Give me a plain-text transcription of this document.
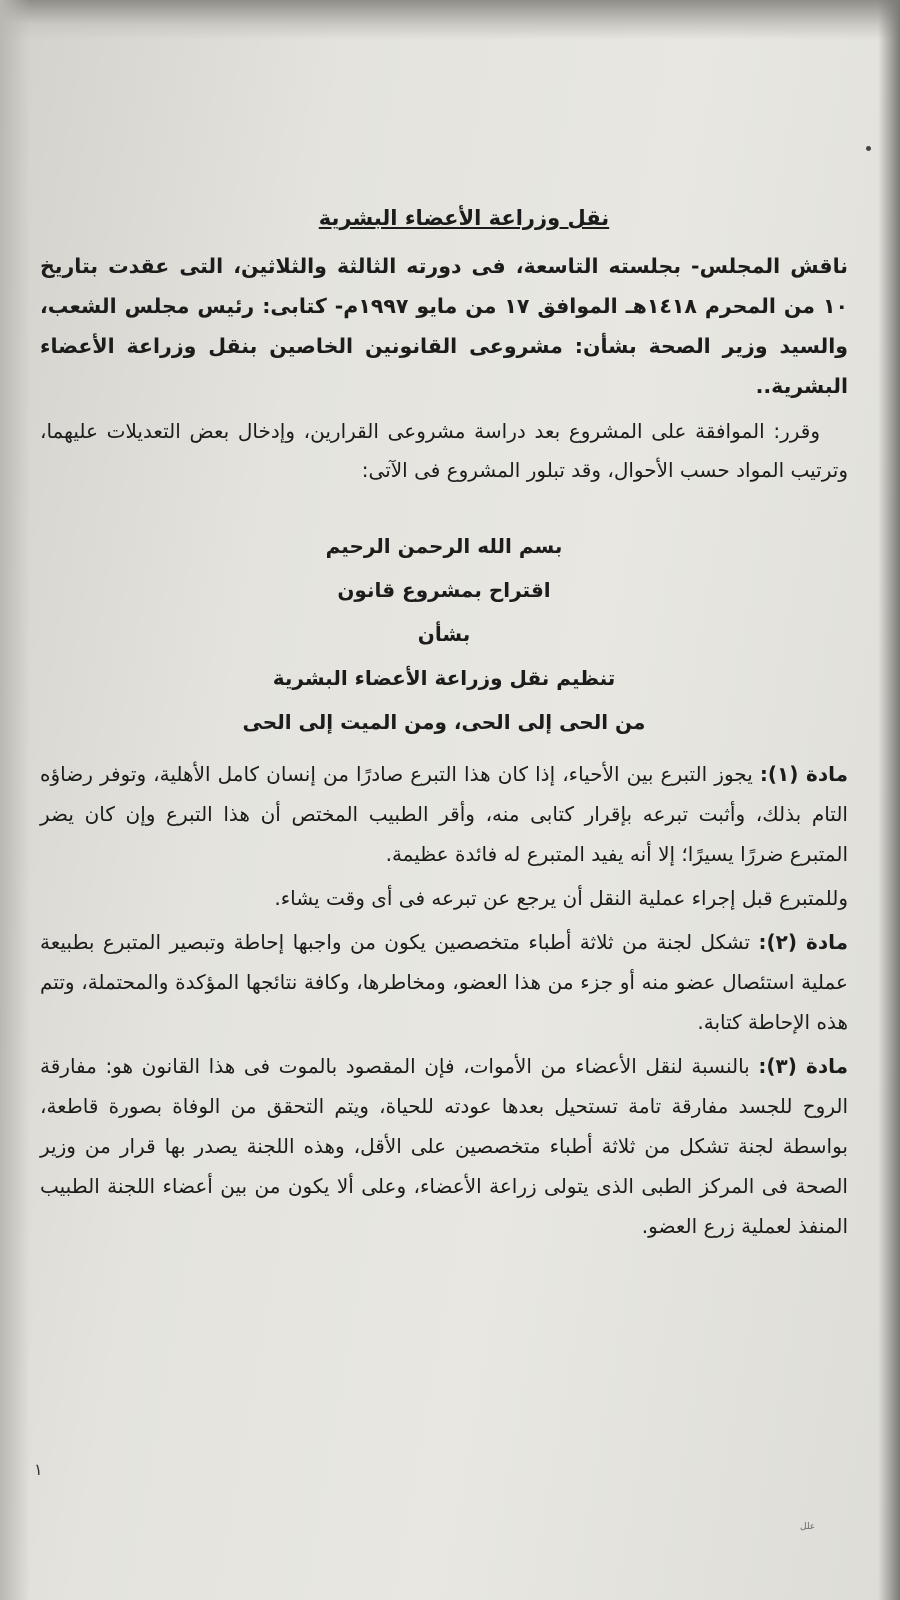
نقل وزراعة الأعضاء البشرية

ناقش المجلس- بجلسته التاسعة، فى دورته الثالثة والثلاثين، التى عقدت بتاريخ ١٠ من المحرم ١٤١٨هـ الموافق ١٧ من مايو ١٩٩٧م- كتابى: رئيس مجلس الشعب، والسيد وزير الصحة بشأن: مشروعى القانونين الخاصين بنقل وزراعة الأعضاء البشرية..

وقرر: الموافقة على المشروع بعد دراسة مشروعى القرارين، وإدخال بعض التعديلات عليهما، وترتيب المواد حسب الأحوال، وقد تبلور المشروع فى الآتى:

بسم الله الرحمن الرحيم
اقتراح بمشروع قانون
بشأن
تنظيم نقل وزراعة الأعضاء البشرية
من الحى إلى الحى، ومن الميت إلى الحى

مادة (١): يجوز التبرع بين الأحياء، إذا كان هذا التبرع صادرًا من إنسان كامل الأهلية، وتوفر رضاؤه التام بذلك، وأثبت تبرعه بإقرار كتابى منه، وأقر الطبيب المختص أن هذا التبرع وإن كان يضر المتبرع ضررًا يسيرًا؛ إلا أنه يفيد المتبرع له فائدة عظيمة.

وللمتبرع قبل إجراء عملية النقل أن يرجع عن تبرعه فى أى وقت يشاء.

مادة (٢): تشكل لجنة من ثلاثة أطباء متخصصين يكون من واجبها إحاطة وتبصير المتبرع بطبيعة عملية استئصال عضو منه أو جزء من هذا العضو، ومخاطرها، وكافة نتائجها المؤكدة والمحتملة، وتتم هذه الإحاطة كتابة.

مادة (٣): بالنسبة لنقل الأعضاء من الأموات، فإن المقصود بالموت فى هذا القانون هو: مفارقة الروح للجسد مفارقة تامة تستحيل بعدها عودته للحياة، ويتم التحقق من الوفاة بصورة قاطعة، بواسطة لجنة تشكل من ثلاثة أطباء متخصصين على الأقل، وهذه اللجنة يصدر بها قرار من وزير الصحة فى المركز الطبى الذى يتولى زراعة الأعضاء، وعلى ألا يكون من بين أعضاء اللجنة الطبيب المنفذ لعملية زرع العضو.

١
علل
